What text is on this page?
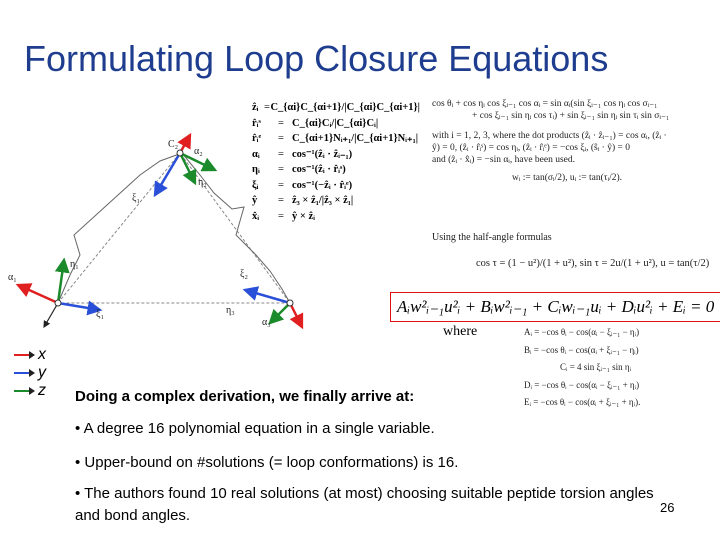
Formulating Loop Closure Equations
α₂
η₂
ξ₁
η₁
α₁
ξ₁
ξ₂
η₃
α₃
C₂
ẑᵢ = C_{αi}C_{αi+1}/|C_{αi}C_{αi+1}|
r̂ᵢˢ	= C_{αi}Cᵢ/|C_{αi}Cᵢ|
r̂ᵢᵉ	= C_{αi+1}Nᵢ₊₁/|C_{αi+1}Nᵢ₊₁|
αᵢ	= cos⁻¹(ẑᵢ · ẑᵢ₋₁)
ηᵢ	= cos⁻¹(ẑᵢ · r̂ᵢˢ)
ξᵢ	= cos⁻¹(−ẑᵢ · r̂ᵢᵉ)
ŷ	= ẑ₃ × ẑ₁/|ẑ₃ × ẑ₁|
x̂ᵢ	= ŷ × ẑᵢ

cos θᵢ + cos ηᵢ cos ξᵢ₋₁ cos αᵢ = sin αᵢ(sin ξᵢ₋₁ cos ηᵢ cos σᵢ₋₁

+ cos ξᵢ₋₁ sin ηᵢ cos τᵢ) + sin ξᵢ₋₁ sin ηᵢ sin τᵢ sin σᵢ₋₁

with i = 1, 2, 3, where the dot products (ẑᵢ · ẑᵢ₋₁) = cos αᵢ, (ẑᵢ ·

ŷ) = 0, (ẑᵢ · r̂ᵢˢ) = cos ηᵢ, (ẑᵢ · r̂ᵢᵉ) = −cos ξᵢ, (ŝᵢ · ŷ) = 0

and (ẑᵢ · x̂ᵢ) = −sin αᵢ, have been used.

wᵢ := tan(σᵢ/2), uᵢ := tan(τᵢ/2).

Using the half-angle formulas
cos τ = (1 − u²)/(1 + u²), sin τ = 2u/(1 + u²), u = tan(τ/2)
Aᵢw²ᵢ₋₁u²ᵢ + Bᵢw²ᵢ₋₁ + Cᵢwᵢ₋₁uᵢ + Dᵢu²ᵢ + Eᵢ = 0
where	Aᵢ = −cos θᵢ − cos(αᵢ − ξᵢ₋₁ − ηᵢ)
Bᵢ = −cos θᵢ − cos(αᵢ + ξᵢ₋₁ − ηᵢ)
Cᵢ = 4 sin ξᵢ₋₁ sin ηᵢ
Dᵢ = −cos θᵢ − cos(αᵢ − ξᵢ₋₁ + ηᵢ)
Eᵢ = −cos θᵢ − cos(αᵢ + ξᵢ₋₁ + ηᵢ).
x
y
z Doing a complex derivation, we finally arrive at:
• A degree 16 polynomial equation in a single variable.
• Upper-bound on #solutions (= loop conformations) is 16.
• The authors found 10 real solutions (at most) choosing suitable peptide torsion angles and bond angles.	26
